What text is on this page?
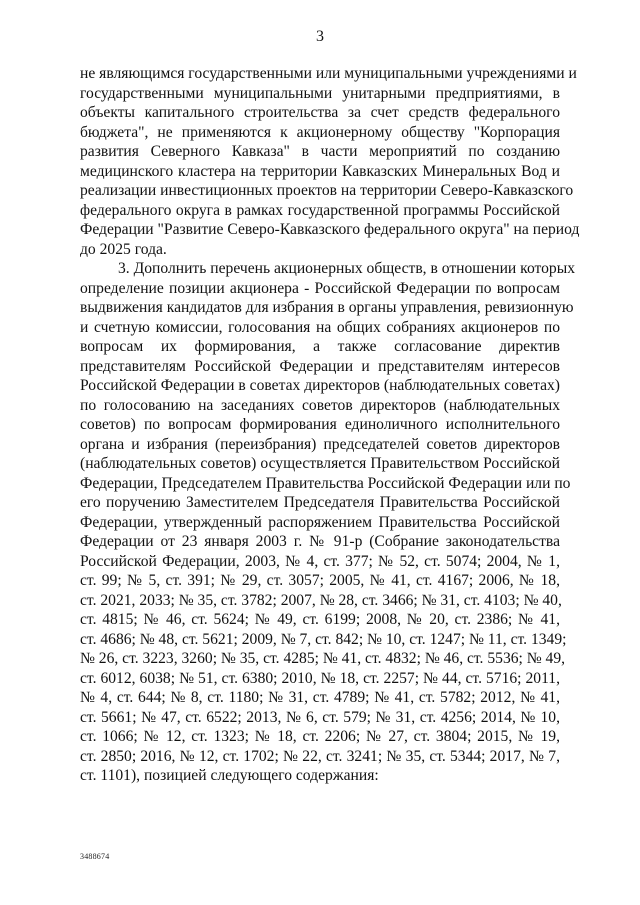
3

не являющимся государственными или муниципальными учреждениями и
государственными муниципальными унитарными предприятиями, в
объекты капитального строительства за счет средств федерального
бюджета", не применяются к акционерному обществу "Корпорация
развития Северного Кавказа" в части мероприятий по созданию
медицинского кластера на территории Кавказских Минеральных Вод и
реализации инвестиционных проектов на территории Северо-Кавказского
федерального округа в рамках государственной программы Российской
Федерации "Развитие Северо-Кавказского федерального округа" на период
до 2025 года.

3. Дополнить перечень акционерных обществ, в отношении которых
определение позиции акционера - Российской Федерации по вопросам
выдвижения кандидатов для избрания в органы управления, ревизионную
и счетную комиссии, голосования на общих собраниях акционеров по
вопросам их формирования, а также согласование директив
представителям Российской Федерации и представителям интересов
Российской Федерации в советах директоров (наблюдательных советах)
по голосованию на заседаниях советов директоров (наблюдательных
советов) по вопросам формирования единоличного исполнительного
органа и избрания (переизбрания) председателей советов директоров
(наблюдательных советов) осуществляется Правительством Российской
Федерации, Председателем Правительства Российской Федерации или по
его поручению Заместителем Председателя Правительства Российской
Федерации, утвержденный распоряжением Правительства Российской
Федерации от 23 января 2003 г. № 91-р (Собрание законодательства
Российской Федерации, 2003, № 4, ст. 377; № 52, ст. 5074; 2004, № 1,
ст. 99; № 5, ст. 391; № 29, ст. 3057; 2005, № 41, ст. 4167; 2006, № 18,
ст. 2021, 2033; № 35, ст. 3782; 2007, № 28, ст. 3466; № 31, ст. 4103; № 40,
ст. 4815; № 46, ст. 5624; № 49, ст. 6199; 2008, № 20, ст. 2386; № 41,
ст. 4686; № 48, ст. 5621; 2009, № 7, ст. 842; № 10, ст. 1247; № 11, ст. 1349;
№ 26, ст. 3223, 3260; № 35, ст. 4285; № 41, ст. 4832; № 46, ст. 5536; № 49,
ст. 6012, 6038; № 51, ст. 6380; 2010, № 18, ст. 2257; № 44, ст. 5716; 2011,
№ 4, ст. 644; № 8, ст. 1180; № 31, ст. 4789; № 41, ст. 5782; 2012, № 41,
ст. 5661; № 47, ст. 6522; 2013, № 6, ст. 579; № 31, ст. 4256; 2014, № 10,
ст. 1066; № 12, ст. 1323; № 18, ст. 2206; № 27, ст. 3804; 2015, № 19,
ст. 2850; 2016, № 12, ст. 1702; № 22, ст. 3241; № 35, ст. 5344; 2017, № 7,
ст. 1101), позицией следующего содержания:

3488674
